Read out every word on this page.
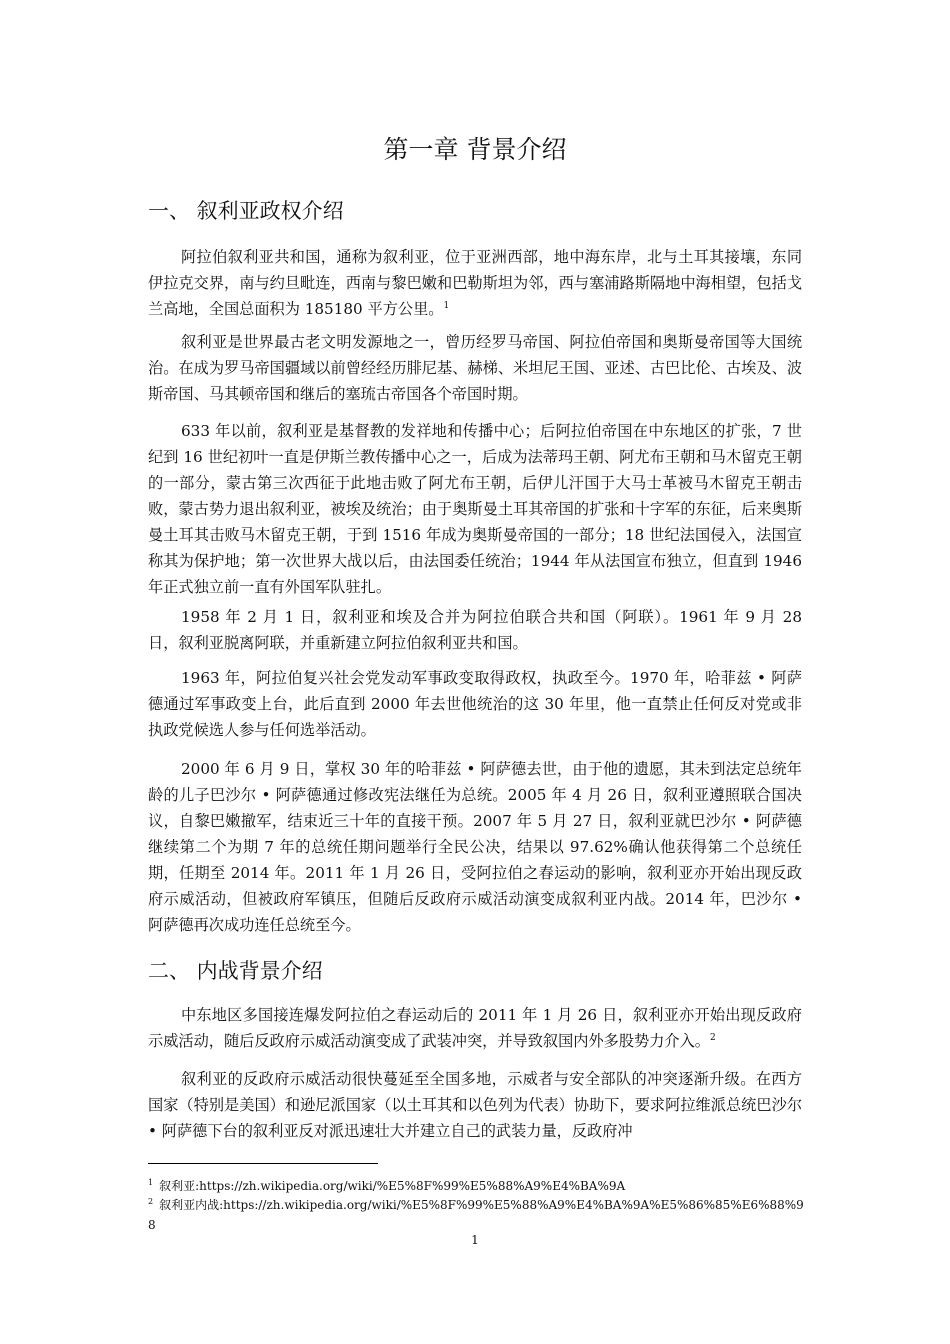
第一章 背景介绍
一、 叙利亚政权介绍

阿拉伯叙利亚共和国，通称为叙利亚，位于亚洲西部，地中海东岸，北与土耳其接壤，东同伊拉克交界，南与约旦毗连，西南与黎巴嫩和巴勒斯坦为邻，西与塞浦路斯隔地中海相望，包括戈兰高地，全国总面积为 185180 平方公里。$^1$

叙利亚是世界最古老文明发源地之一，曾历经罗马帝国、阿拉伯帝国和奥斯曼帝国等大国统治。在成为罗马帝国疆域以前曾经经历腓尼基、赫梯、米坦尼王国、亚述、古巴比伦、古埃及、波斯帝国、马其顿帝国和继后的塞琉古帝国各个帝国时期。

633 年以前，叙利亚是基督教的发祥地和传播中心；后阿拉伯帝国在中东地区的扩张，7 世纪到 16 世纪初叶一直是伊斯兰教传播中心之一，后成为法蒂玛王朝、阿尤布王朝和马木留克王朝的一部分，蒙古第三次西征于此地击败了阿尤布王朝，后伊儿汗国于大马士革被马木留克王朝击败，蒙古势力退出叙利亚，被埃及统治；由于奥斯曼土耳其帝国的扩张和十字军的东征，后来奥斯曼土耳其击败马木留克王朝，于到 1516 年成为奥斯曼帝国的一部分；18 世纪法国侵入，法国宣称其为保护地；第一次世界大战以后，由法国委任统治；1944 年从法国宣布独立，但直到 1946 年正式独立前一直有外国军队驻扎。

1958 年 2 月 1 日，叙利亚和埃及合并为阿拉伯联合共和国（阿联）。1961 年 9 月 28 日，叙利亚脱离阿联，并重新建立阿拉伯叙利亚共和国。

1963 年，阿拉伯复兴社会党发动军事政变取得政权，执政至今。1970 年，哈菲兹 • 阿萨德通过军事政变上台，此后直到 2000 年去世他统治的这 30 年里，他一直禁止任何反对党或非执政党候选人参与任何选举活动。

2000 年 6 月 9 日，掌权 30 年的哈菲兹 • 阿萨德去世，由于他的遗愿，其未到法定总统年龄的儿子巴沙尔 • 阿萨德通过修改宪法继任为总统。2005 年 4 月 26 日，叙利亚遵照联合国决议，自黎巴嫩撤军，结束近三十年的直接干预。2007 年 5 月 27 日，叙利亚就巴沙尔 • 阿萨德继续第二个为期 7 年的总统任期问题举行全民公决，结果以 97.62%确认他获得第二个总统任期，任期至 2014 年。2011 年 1 月 26 日，受阿拉伯之春运动的影响，叙利亚亦开始出现反政府示威活动，但被政府军镇压，但随后反政府示威活动演变成叙利亚内战。2014 年，巴沙尔 • 阿萨德再次成功连任总统至今。

二、 内战背景介绍

中东地区多国接连爆发阿拉伯之春运动后的 2011 年 1 月 26 日，叙利亚亦开始出现反政府示威活动，随后反政府示威活动演变成了武装冲突，并导致叙国内外多股势力介入。$^2$

叙利亚的反政府示威活动很快蔓延至全国多地，示威者与安全部队的冲突逐渐升级。在西方国家（特别是美国）和逊尼派国家（以土耳其和以色列为代表）协助下，要求阿拉维派总统巴沙尔 • 阿萨德下台的叙利亚反对派迅速壮大并建立自己的武装力量，反政府冲

$^1$ 叙利亚:https://zh.wikipedia.org/wiki/%E5%8F%99%E5%88%A9%E4%BA%9A
$^2$ 叙利亚内战:https://zh.wikipedia.org/wiki/%E5%8F%99%E5%88%A9%E4%BA%9A%E5%86%85%E6%88%98
1
